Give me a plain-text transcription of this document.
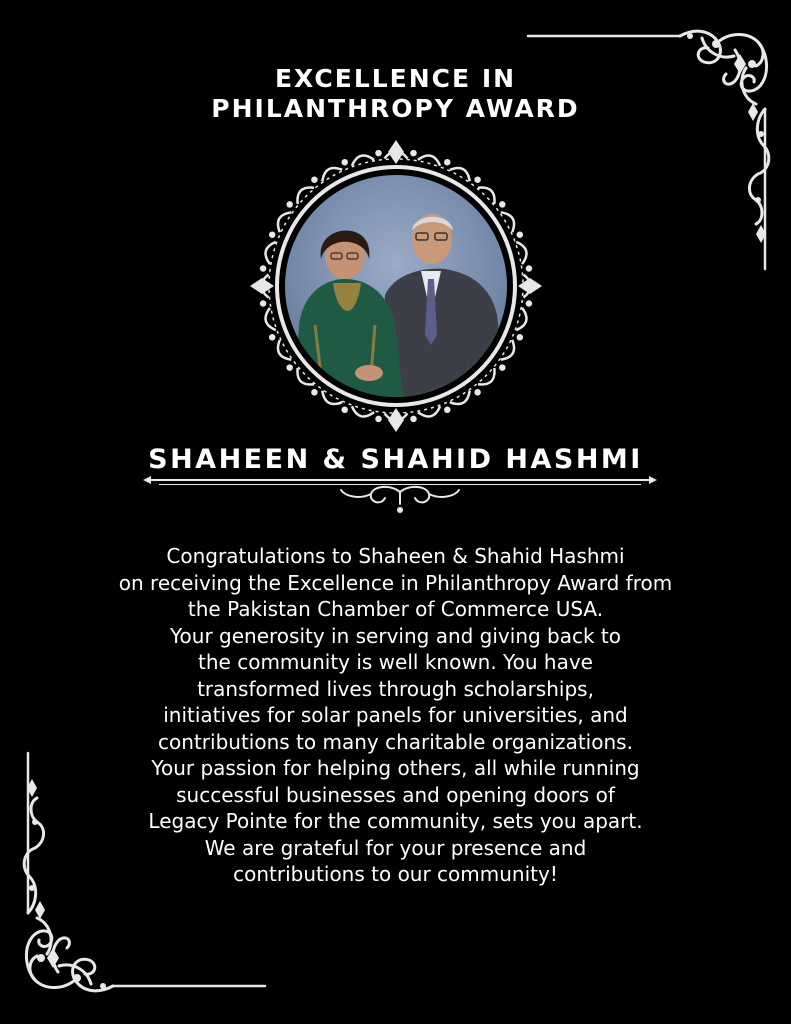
EXCELLENCE IN
PHILANTHROPY AWARD
SHAHEEN & SHAHID HASHMI
Congratulations to Shaheen & Shahid Hashmi
on receiving the Excellence in Philanthropy Award from
the Pakistan Chamber of Commerce USA.
Your generosity in serving and giving back to
the community is well known. You have
transformed lives through scholarships,
initiatives for solar panels for universities, and
contributions to many charitable organizations.
Your passion for helping others, all while running
successful businesses and opening doors of
Legacy Pointe for the community, sets you apart.
We are grateful for your presence and
contributions to our community!
